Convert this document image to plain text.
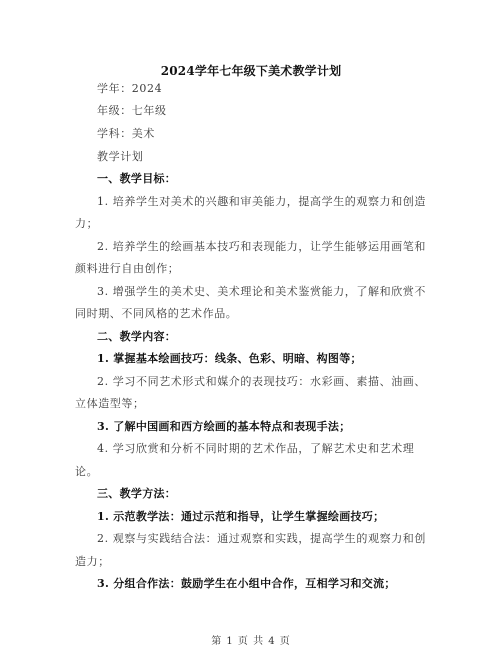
2024学年七年级下美术教学计划
学年：2024
年级：七年级
学科：美术
教学计划
一、教学目标：
1. 培养学生对美术的兴趣和审美能力，提高学生的观察力和创造
力；
2. 培养学生的绘画基本技巧和表现能力，让学生能够运用画笔和
颜料进行自由创作；
3. 增强学生的美术史、美术理论和美术鉴赏能力，了解和欣赏不
同时期、不同风格的艺术作品。
二、教学内容：
1. 掌握基本绘画技巧：线条、色彩、明暗、构图等；
2. 学习不同艺术形式和媒介的表现技巧：水彩画、素描、油画、
立体造型等；
3. 了解中国画和西方绘画的基本特点和表现手法；
4. 学习欣赏和分析不同时期的艺术作品，了解艺术史和艺术理
论。
三、教学方法：
1. 示范教学法：通过示范和指导，让学生掌握绘画技巧；
2. 观察与实践结合法：通过观察和实践，提高学生的观察力和创
造力；
3. 分组合作法：鼓励学生在小组中合作，互相学习和交流；
第 1 页 共 4 页
